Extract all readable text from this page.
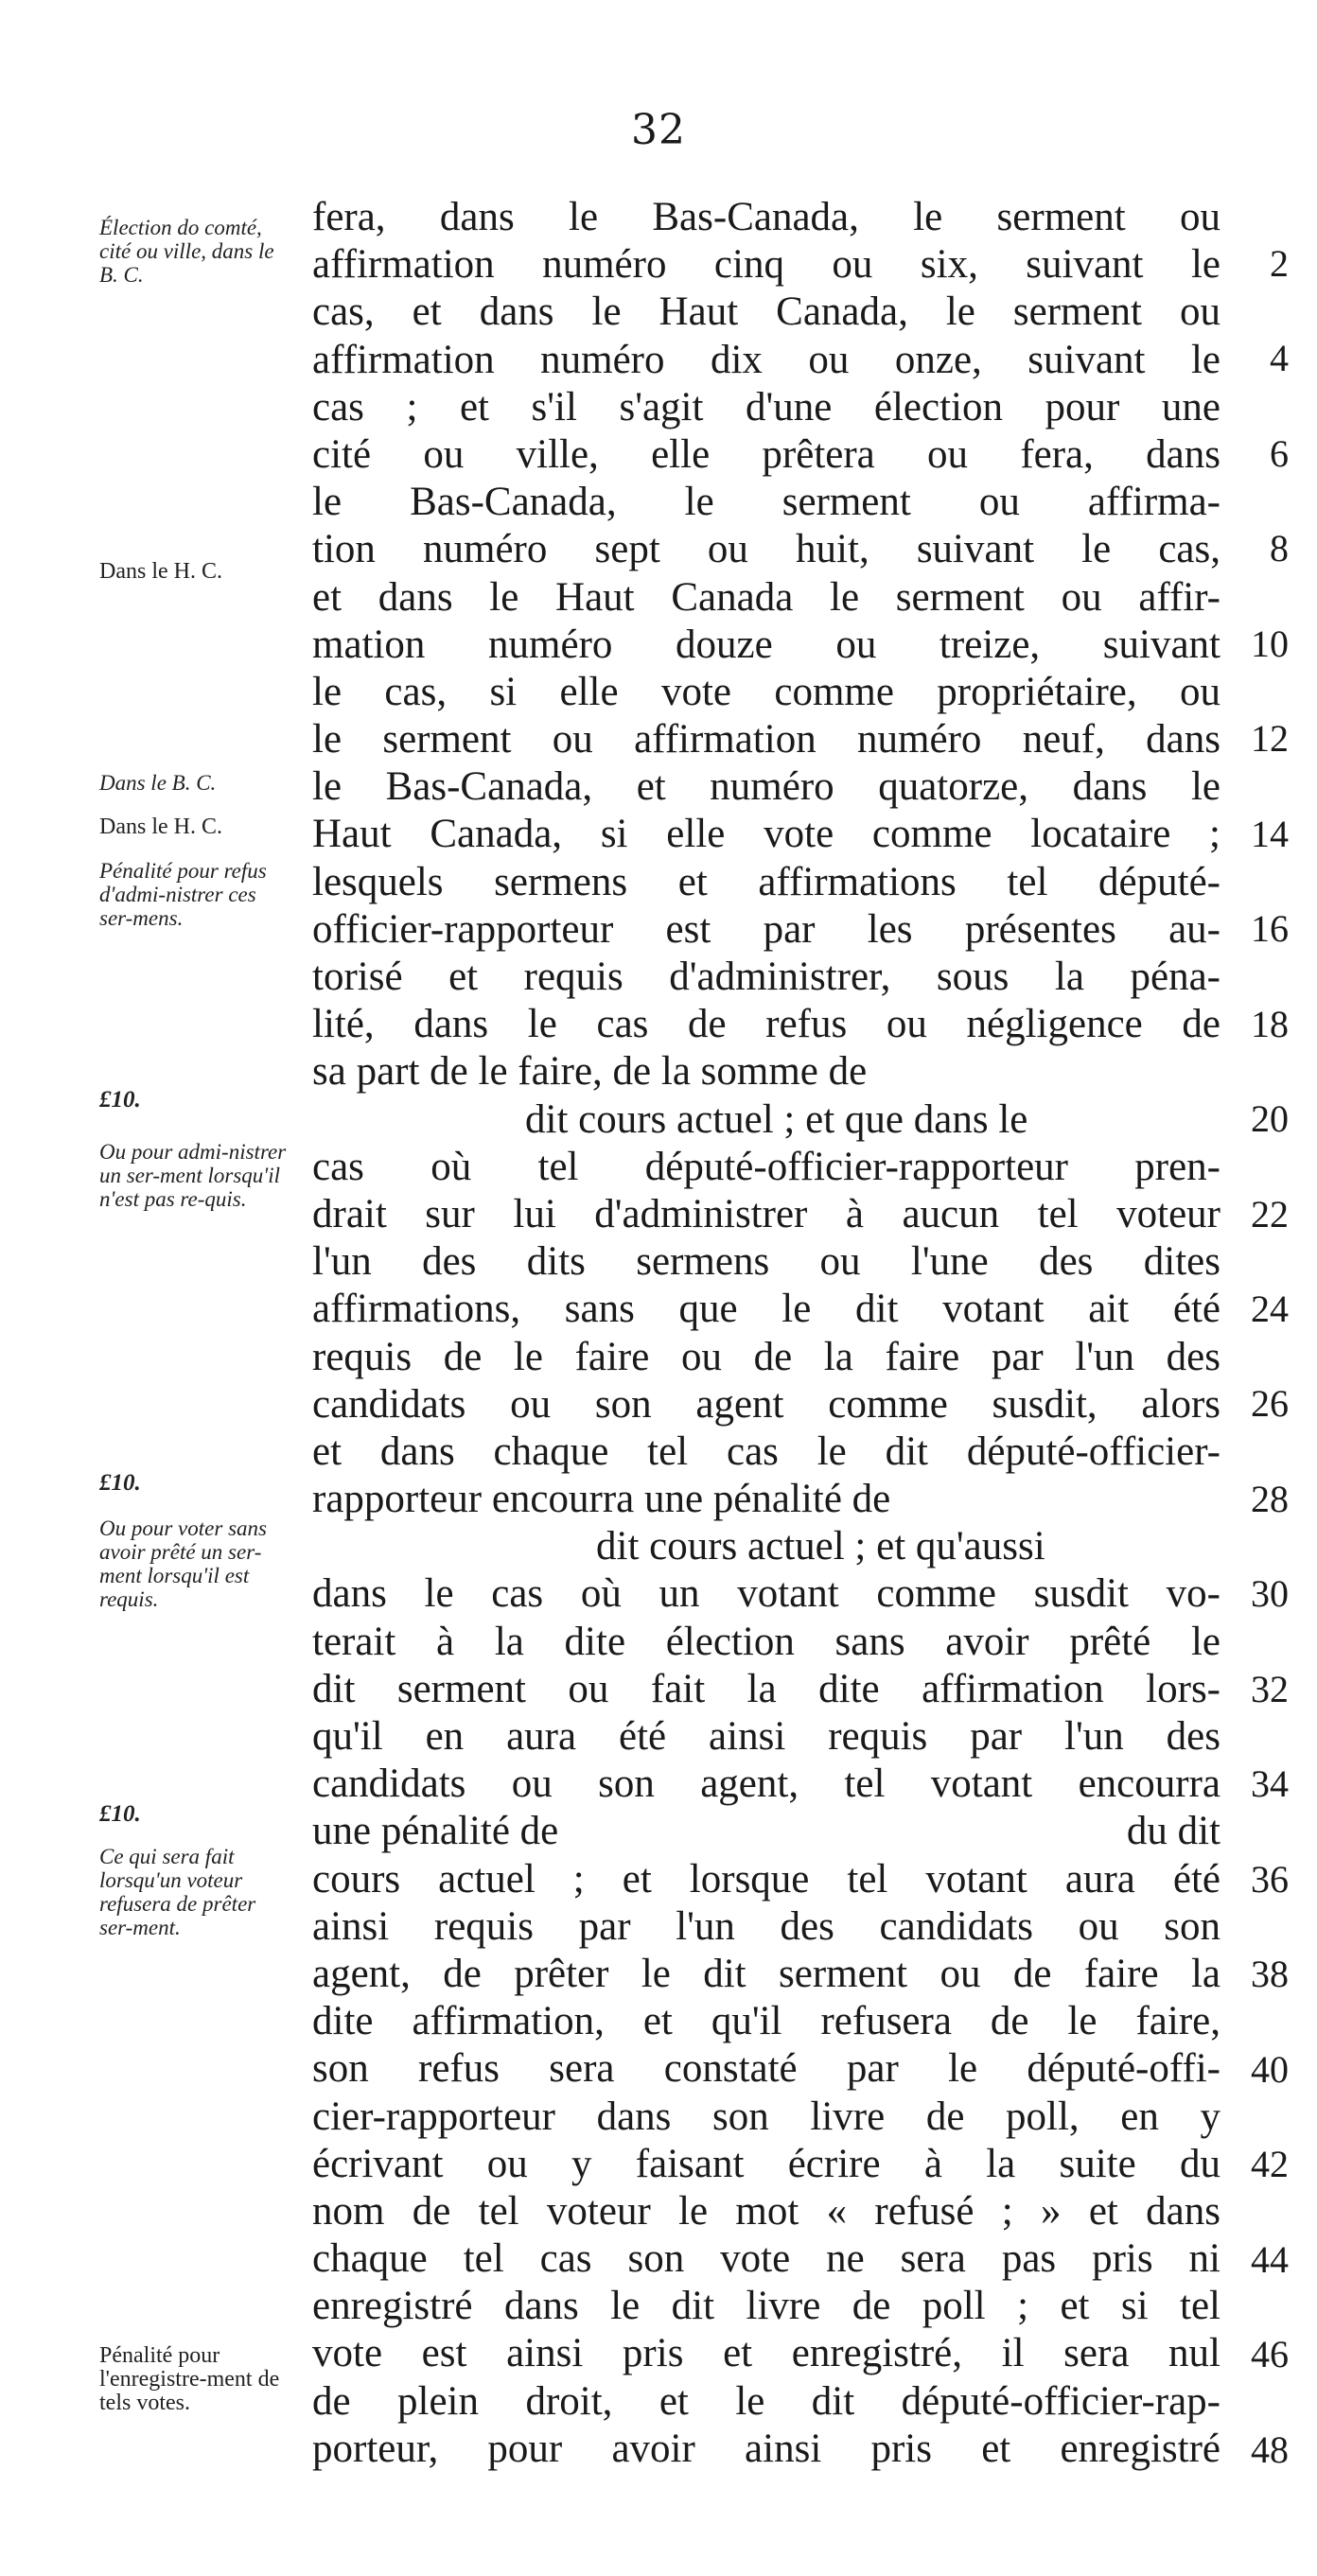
32
Élection do comté, cité ou ville, dans le B. C.
Dans le H. C.
Dans le B. C.
Dans le H. C.
Pénalité pour refus d'admi-nistrer ces ser-mens.
£10.
Ou pour admi-nistrer un ser-ment lorsqu'il n'est pas re-quis.
£10.
Ou pour voter sans avoir prêté un ser-ment lorsqu'il est requis.
£10.
Ce qui sera fait lorsqu'un voteur refusera de prêter ser-ment.
Pénalité pour l'enregistre-ment de tels votes.
fera, dans le Bas-Canada, le serment ou
affirmation numéro cinq ou six, suivant le
cas, et dans le Haut Canada, le serment ou
affirmation numéro dix ou onze, suivant le
cas ; et s'il s'agit d'une élection pour une
cité ou ville, elle prêtera ou fera, dans
le Bas-Canada, le serment ou affirma-
tion numéro sept ou huit, suivant le cas,
et dans le Haut Canada le serment ou affir-
mation numéro douze ou treize, suivant
le cas, si elle vote comme propriétaire, ou
le serment ou affirmation numéro neuf, dans
le Bas-Canada, et numéro quatorze, dans le
Haut Canada, si elle vote comme locataire ;
lesquels sermens et affirmations tel député-
officier-rapporteur est par les présentes au-
torisé et requis d'administrer, sous la péna-
lité, dans le cas de refus ou négligence de
sa part de le faire, de la somme de
dit cours actuel ; et que dans le
cas où tel député-officier-rapporteur pren-
drait sur lui d'administrer à aucun tel voteur
l'un des dits sermens ou l'une des dites
affirmations, sans que le dit votant ait été
requis de le faire ou de la faire par l'un des
candidats ou son agent comme susdit, alors
et dans chaque tel cas le dit député-officier-
rapporteur encourra une pénalité de
dit cours actuel ; et qu'aussi
dans le cas où un votant comme susdit vo-
terait à la dite élection sans avoir prêté le
dit serment ou fait la dite affirmation lors-
qu'il en aura été ainsi requis par l'un des
candidats ou son agent, tel votant encourra
une pénalité de	du dit
cours actuel ; et lorsque tel votant aura été
ainsi requis par l'un des candidats ou son
agent, de prêter le dit serment ou de faire la
dite affirmation, et qu'il refusera de le faire,
son refus sera constaté par le député-offi-
cier-rapporteur dans son livre de poll, en y
écrivant ou y faisant écrire à la suite du
nom de tel voteur le mot « refusé ; » et dans
chaque tel cas son vote ne sera pas pris ni
enregistré dans le dit livre de poll ; et si tel
vote est ainsi pris et enregistré, il sera nul
de plein droit, et le dit député-officier-rap-
porteur, pour avoir ainsi pris et enregistré
2
4
6
8
10
12
14
16
18
20
22
24
26
28
30
32
34
36
38
40
42
44
46
48
